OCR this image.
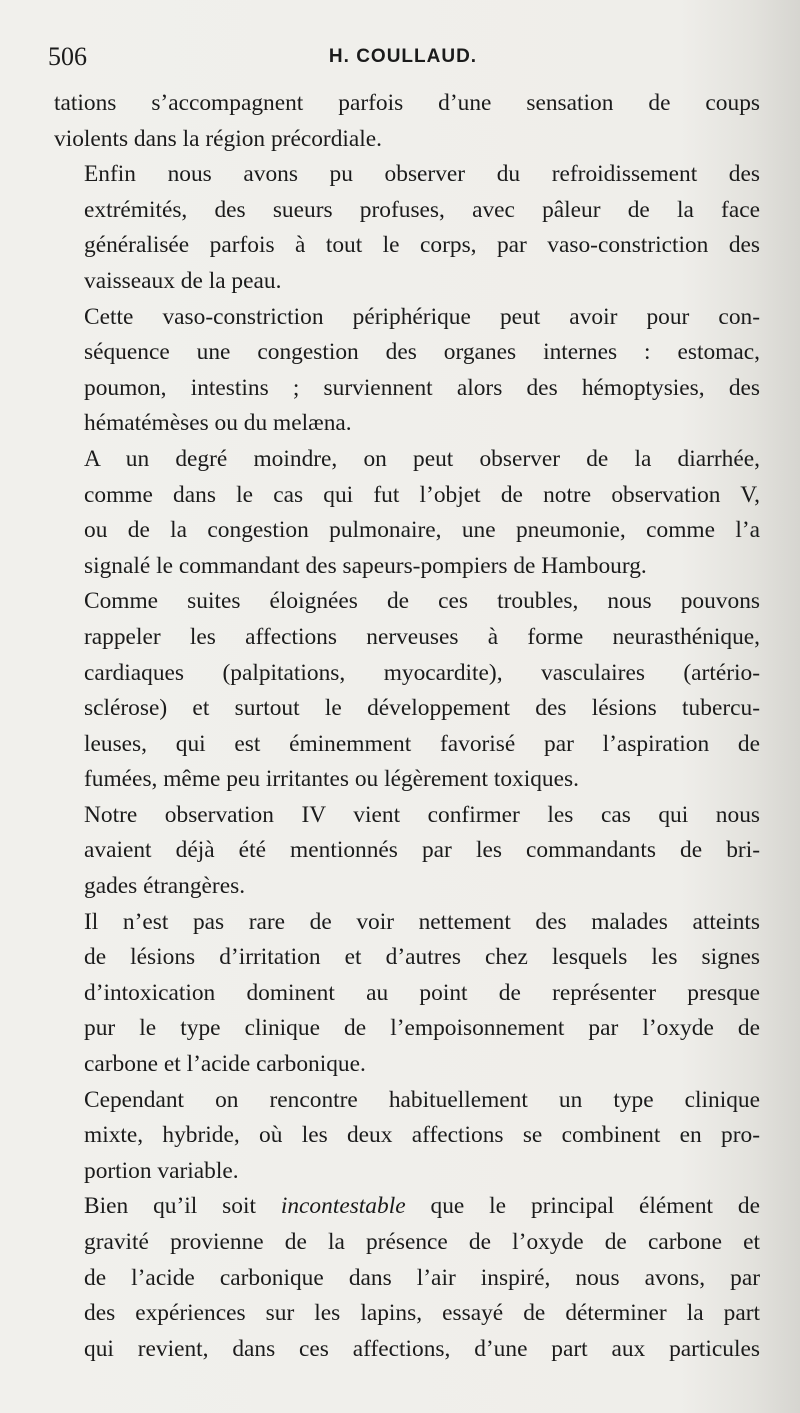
506	H. COULLAUD.

tations s’accompagnent parfois d’une sensation de coups
violents dans la région précordiale.

Enfin nous avons pu observer du refroidissement des
extrémités, des sueurs profuses, avec pâleur de la face
généralisée parfois à tout le corps, par vaso-constriction des
vaisseaux de la peau.

Cette vaso-constriction périphérique peut avoir pour con-
séquence une congestion des organes internes : estomac,
poumon, intestins ; surviennent alors des hémoptysies, des
hématémèses ou du melæna.

A un degré moindre, on peut observer de la diarrhée,
comme dans le cas qui fut l’objet de notre observation V,
ou de la congestion pulmonaire, une pneumonie, comme l’a
signalé le commandant des sapeurs-pompiers de Hambourg.

Comme suites éloignées de ces troubles, nous pouvons
rappeler les affections nerveuses à forme neurasthénique,
cardiaques (palpitations, myocardite), vasculaires (artério-
sclérose) et surtout le développement des lésions tubercu-
leuses, qui est éminemment favorisé par l’aspiration de
fumées, même peu irritantes ou légèrement toxiques.

Notre observation IV vient confirmer les cas qui nous
avaient déjà été mentionnés par les commandants de bri-
gades étrangères.

Il n’est pas rare de voir nettement des malades atteints
de lésions d’irritation et d’autres chez lesquels les signes
d’intoxication dominent au point de représenter presque
pur le type clinique de l’empoisonnement par l’oxyde de
carbone et l’acide carbonique.

Cependant on rencontre habituellement un type clinique
mixte, hybride, où les deux affections se combinent en pro-
portion variable.

Bien qu’il soit incontestable que le principal élément de
gravité provienne de la présence de l’oxyde de carbone et
de l’acide carbonique dans l’air inspiré, nous avons, par
des expériences sur les lapins, essayé de déterminer la part
qui revient, dans ces affections, d’une part aux particules
